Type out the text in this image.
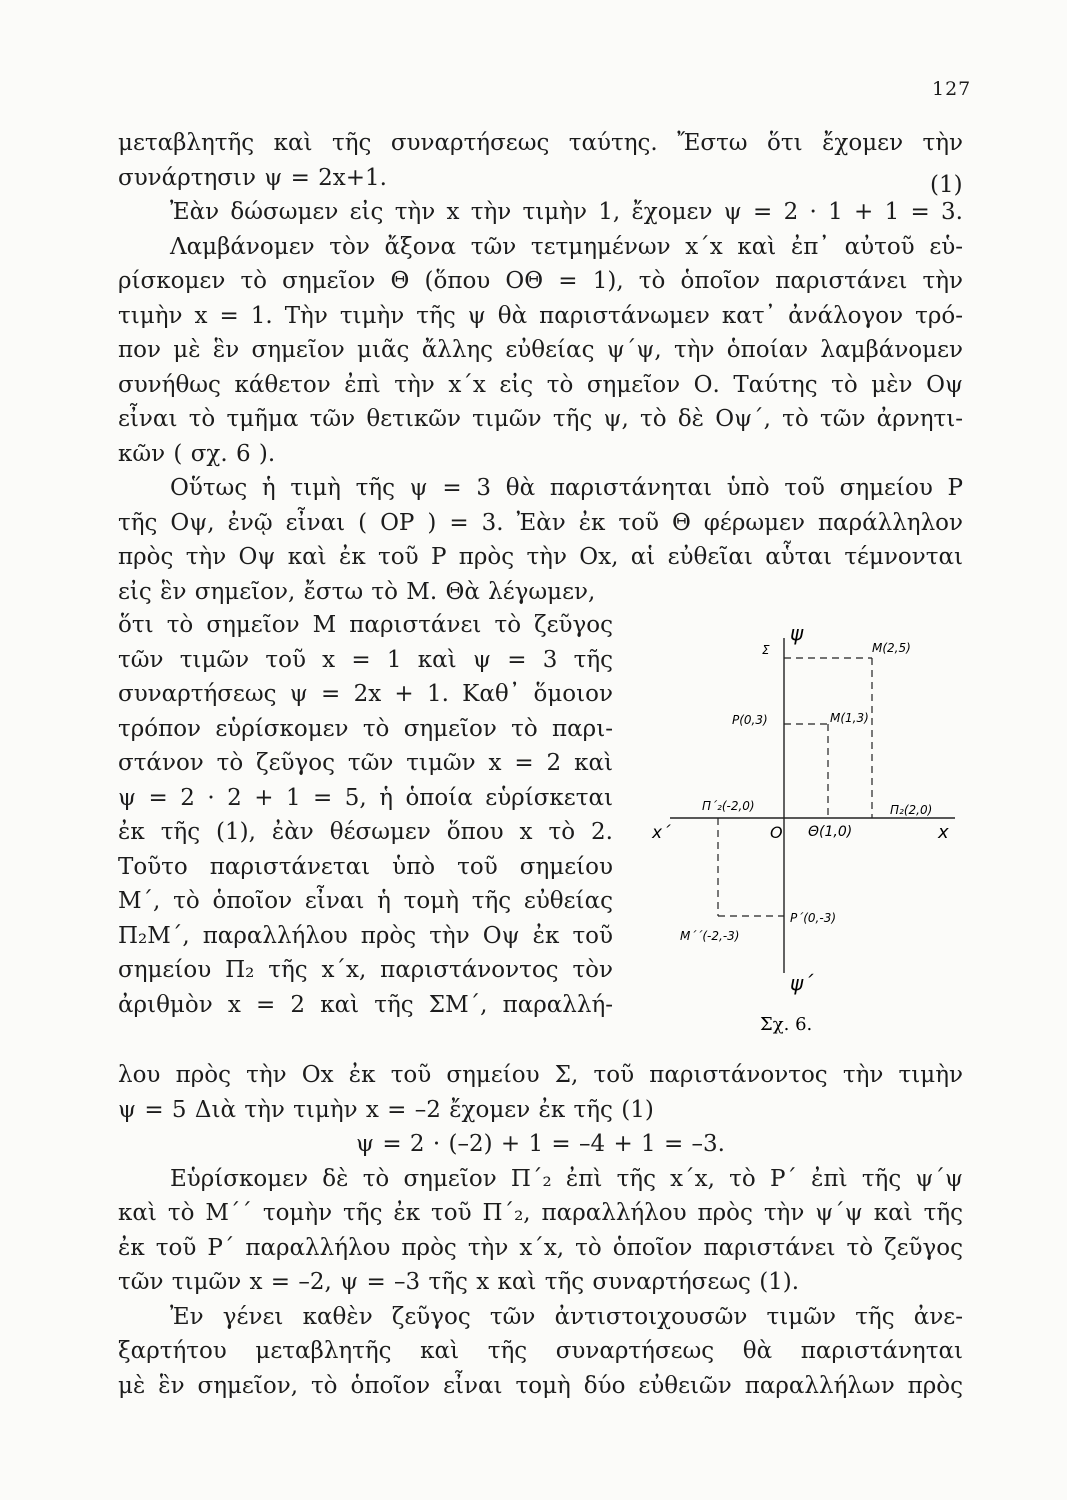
127
μεταβλητῆς καὶ τῆς συναρτήσεως ταύτης. Ἔστω ὅτι ἔχομεν τὴν
συνάρτησιν ψ = 2x+1.
Ἐὰν δώσωμεν εἰς τὴν x τὴν τιμὴν 1, ἔχομεν ψ = 2 · 1 + 1 = 3.
Λαμβάνομεν τὸν ἄξονα τῶν τετμημένων x΄x καὶ ἐπ᾽ αὐτοῦ εὑ-
ρίσκομεν τὸ σημεῖον Θ (ὅπου ΟΘ = 1), τὸ ὁποῖον παριστάνει τὴν
τιμὴν x = 1. Τὴν τιμὴν τῆς ψ θὰ παριστάνωμεν κατ᾽ ἀνάλογον τρό-
πον μὲ ἓν σημεῖον μιᾶς ἄλλης εὐθείας ψ΄ψ, τὴν ὁποίαν λαμβάνομεν
συνήθως κάθετον ἐπὶ τὴν x΄x εἰς τὸ σημεῖον Ο. Ταύτης τὸ μὲν Οψ
εἶναι τὸ τμῆμα τῶν θετικῶν τιμῶν τῆς ψ, τὸ δὲ Οψ΄, τὸ τῶν ἀρνητι-
κῶν ( σχ. 6 ).
Οὕτως ἡ τιμὴ τῆς ψ = 3 θὰ παριστάνηται ὑπὸ τοῦ σημείου Ρ
τῆς Οψ, ἐνῷ εἶναι ( ΟΡ ) = 3. Ἐὰν ἐκ τοῦ Θ φέρωμεν παράλληλον
πρὸς τὴν Οψ καὶ ἐκ τοῦ Ρ πρὸς τὴν Οx, αἱ εὐθεῖαι αὗται τέμνονται
εἰς ἓν σημεῖον, ἔστω τὸ Μ. Θὰ λέγωμεν,
(1)
ὅτι τὸ σημεῖον Μ παριστάνει τὸ ζεῦγος
τῶν τιμῶν τοῦ x = 1 καὶ ψ = 3 τῆς
συναρτήσεως ψ = 2x + 1. Καθ᾽ ὅμοιον
τρόπον εὑρίσκομεν τὸ σημεῖον τὸ παρι-
στάνον τὸ ζεῦγος τῶν τιμῶν x = 2 καὶ
ψ = 2 · 2 + 1 = 5, ἡ ὁποία εὑρίσκεται
ἐκ τῆς (1), ἐὰν θέσωμεν ὅπου x τὸ 2.
Τοῦτο παριστάνεται ὑπὸ τοῦ σημείου
Μ΄, τὸ ὁποῖον εἶναι ἡ τομὴ τῆς εὐθείας
Π₂Μ΄, παραλλήλου πρὸς τὴν Οψ ἐκ τοῦ
σημείου Π₂ τῆς x΄x, παριστάνοντος τὸν
ἀριθμὸν x = 2 καὶ τῆς ΣΜ΄, παραλλή-
ψ
ψ΄
x΄	x
O
Σ	M(2,5)
P(0,3)	M(1,3)
Π΄₂(-2,0)	Π₂(2,0)
Θ(1,0)
P΄(0,-3)
M΄΄(-2,-3)
Σχ. 6.
λου πρὸς τὴν Οx ἐκ τοῦ σημείου Σ, τοῦ παριστάνοντος τὴν τιμὴν
ψ = 5 Διὰ τὴν τιμὴν x = –2 ἔχομεν ἐκ τῆς (1)
ψ = 2 · (–2) + 1 = –4 + 1 = –3.
Εὑρίσκομεν δὲ τὸ σημεῖον Π΄₂ ἐπὶ τῆς x΄x, τὸ Ρ΄ ἐπὶ τῆς ψ΄ψ
καὶ τὸ Μ΄΄ τομὴν τῆς ἐκ τοῦ Π΄₂, παραλλήλου πρὸς τὴν ψ΄ψ καὶ τῆς
ἐκ τοῦ Ρ΄ παραλλήλου πρὸς τὴν x΄x, τὸ ὁποῖον παριστάνει τὸ ζεῦγος
τῶν τιμῶν x = –2, ψ = –3 τῆς x καὶ τῆς συναρτήσεως (1).
Ἐν γένει καθὲν ζεῦγος τῶν ἀντιστοιχουσῶν τιμῶν τῆς ἀνε-
ξαρτήτου μεταβλητῆς καὶ τῆς συναρτήσεως θὰ παριστάνηται
μὲ ἓν σημεῖον, τὸ ὁποῖον εἶναι τομὴ δύο εὐθειῶν παραλλήλων πρὸς
